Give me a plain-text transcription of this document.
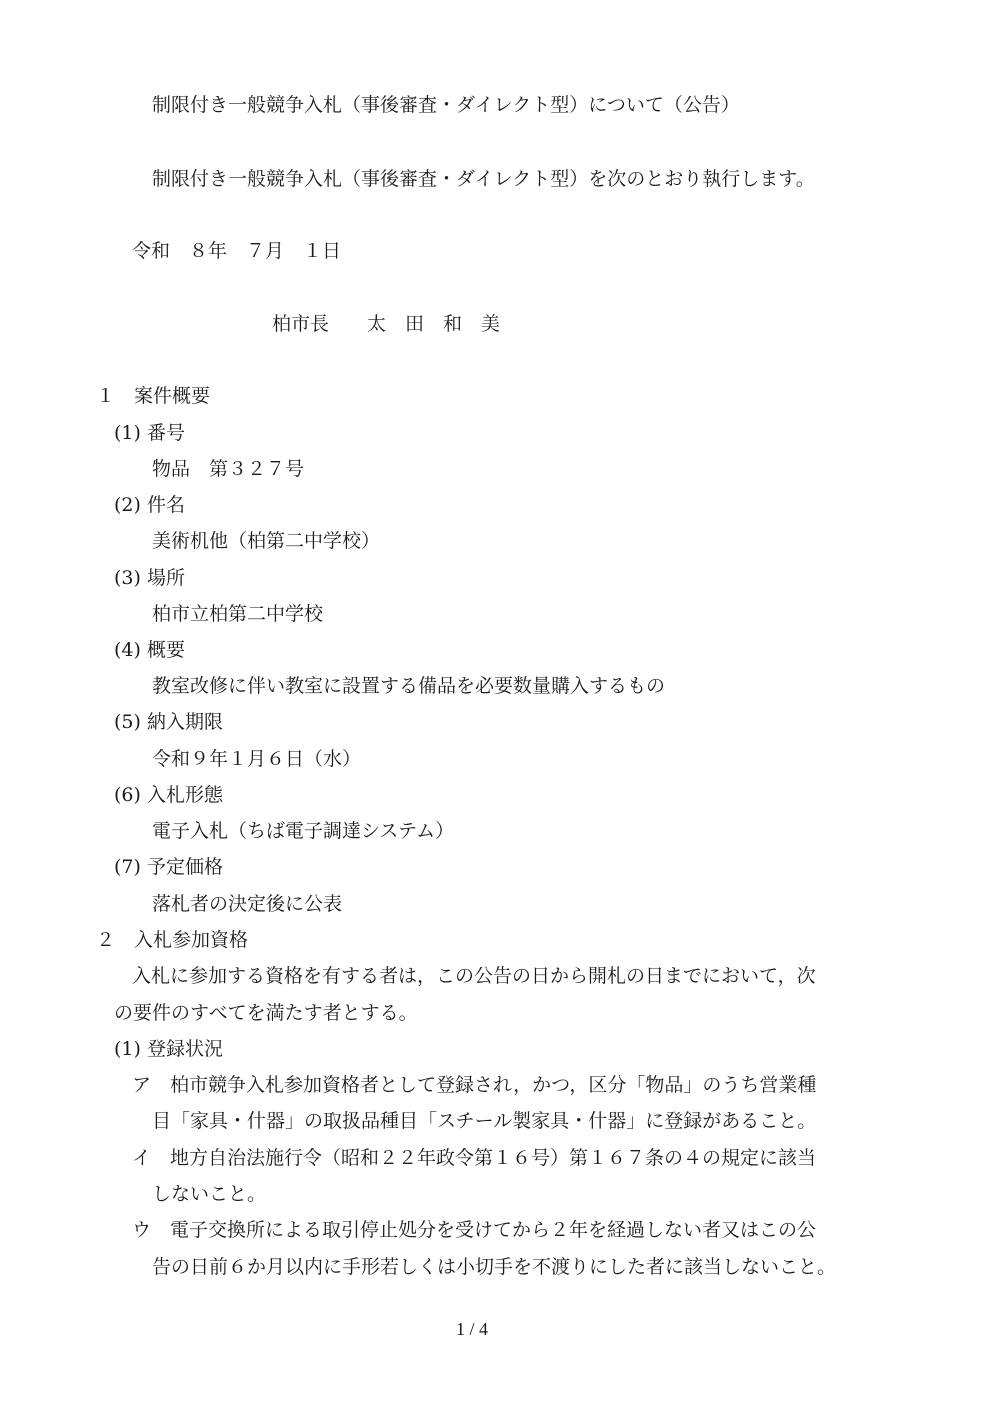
制限付き一般競争入札（事後審査・ダイレクト型）について（公告）
制限付き一般競争入札（事後審査・ダイレクト型）を次のとおり執行します。
令和　８年　７月　１日
柏市長　　太　田　和　美
１　案件概要
(1) 番号
物品　第３２７号
(2) 件名
美術机他（柏第二中学校）
(3) 場所
柏市立柏第二中学校
(4) 概要
教室改修に伴い教室に設置する備品を必要数量購入するもの
(5) 納入期限
令和９年１月６日（水）
(6) 入札形態
電子入札（ちば電子調達システム）
(7) 予定価格
落札者の決定後に公表
２　入札参加資格
入札に参加する資格を有する者は，この公告の日から開札の日までにおいて，次
の要件のすべてを満たす者とする。
(1) 登録状況
ア　柏市競争入札参加資格者として登録され，かつ，区分「物品」のうち営業種
目「家具・什器」の取扱品種目「スチール製家具・什器」に登録があること。
イ　地方自治法施行令（昭和２２年政令第１６号）第１６７条の４の規定に該当
しないこと。
ウ　電子交換所による取引停止処分を受けてから２年を経過しない者又はこの公
告の日前６か月以内に手形若しくは小切手を不渡りにした者に該当しないこと。
1 / 4
